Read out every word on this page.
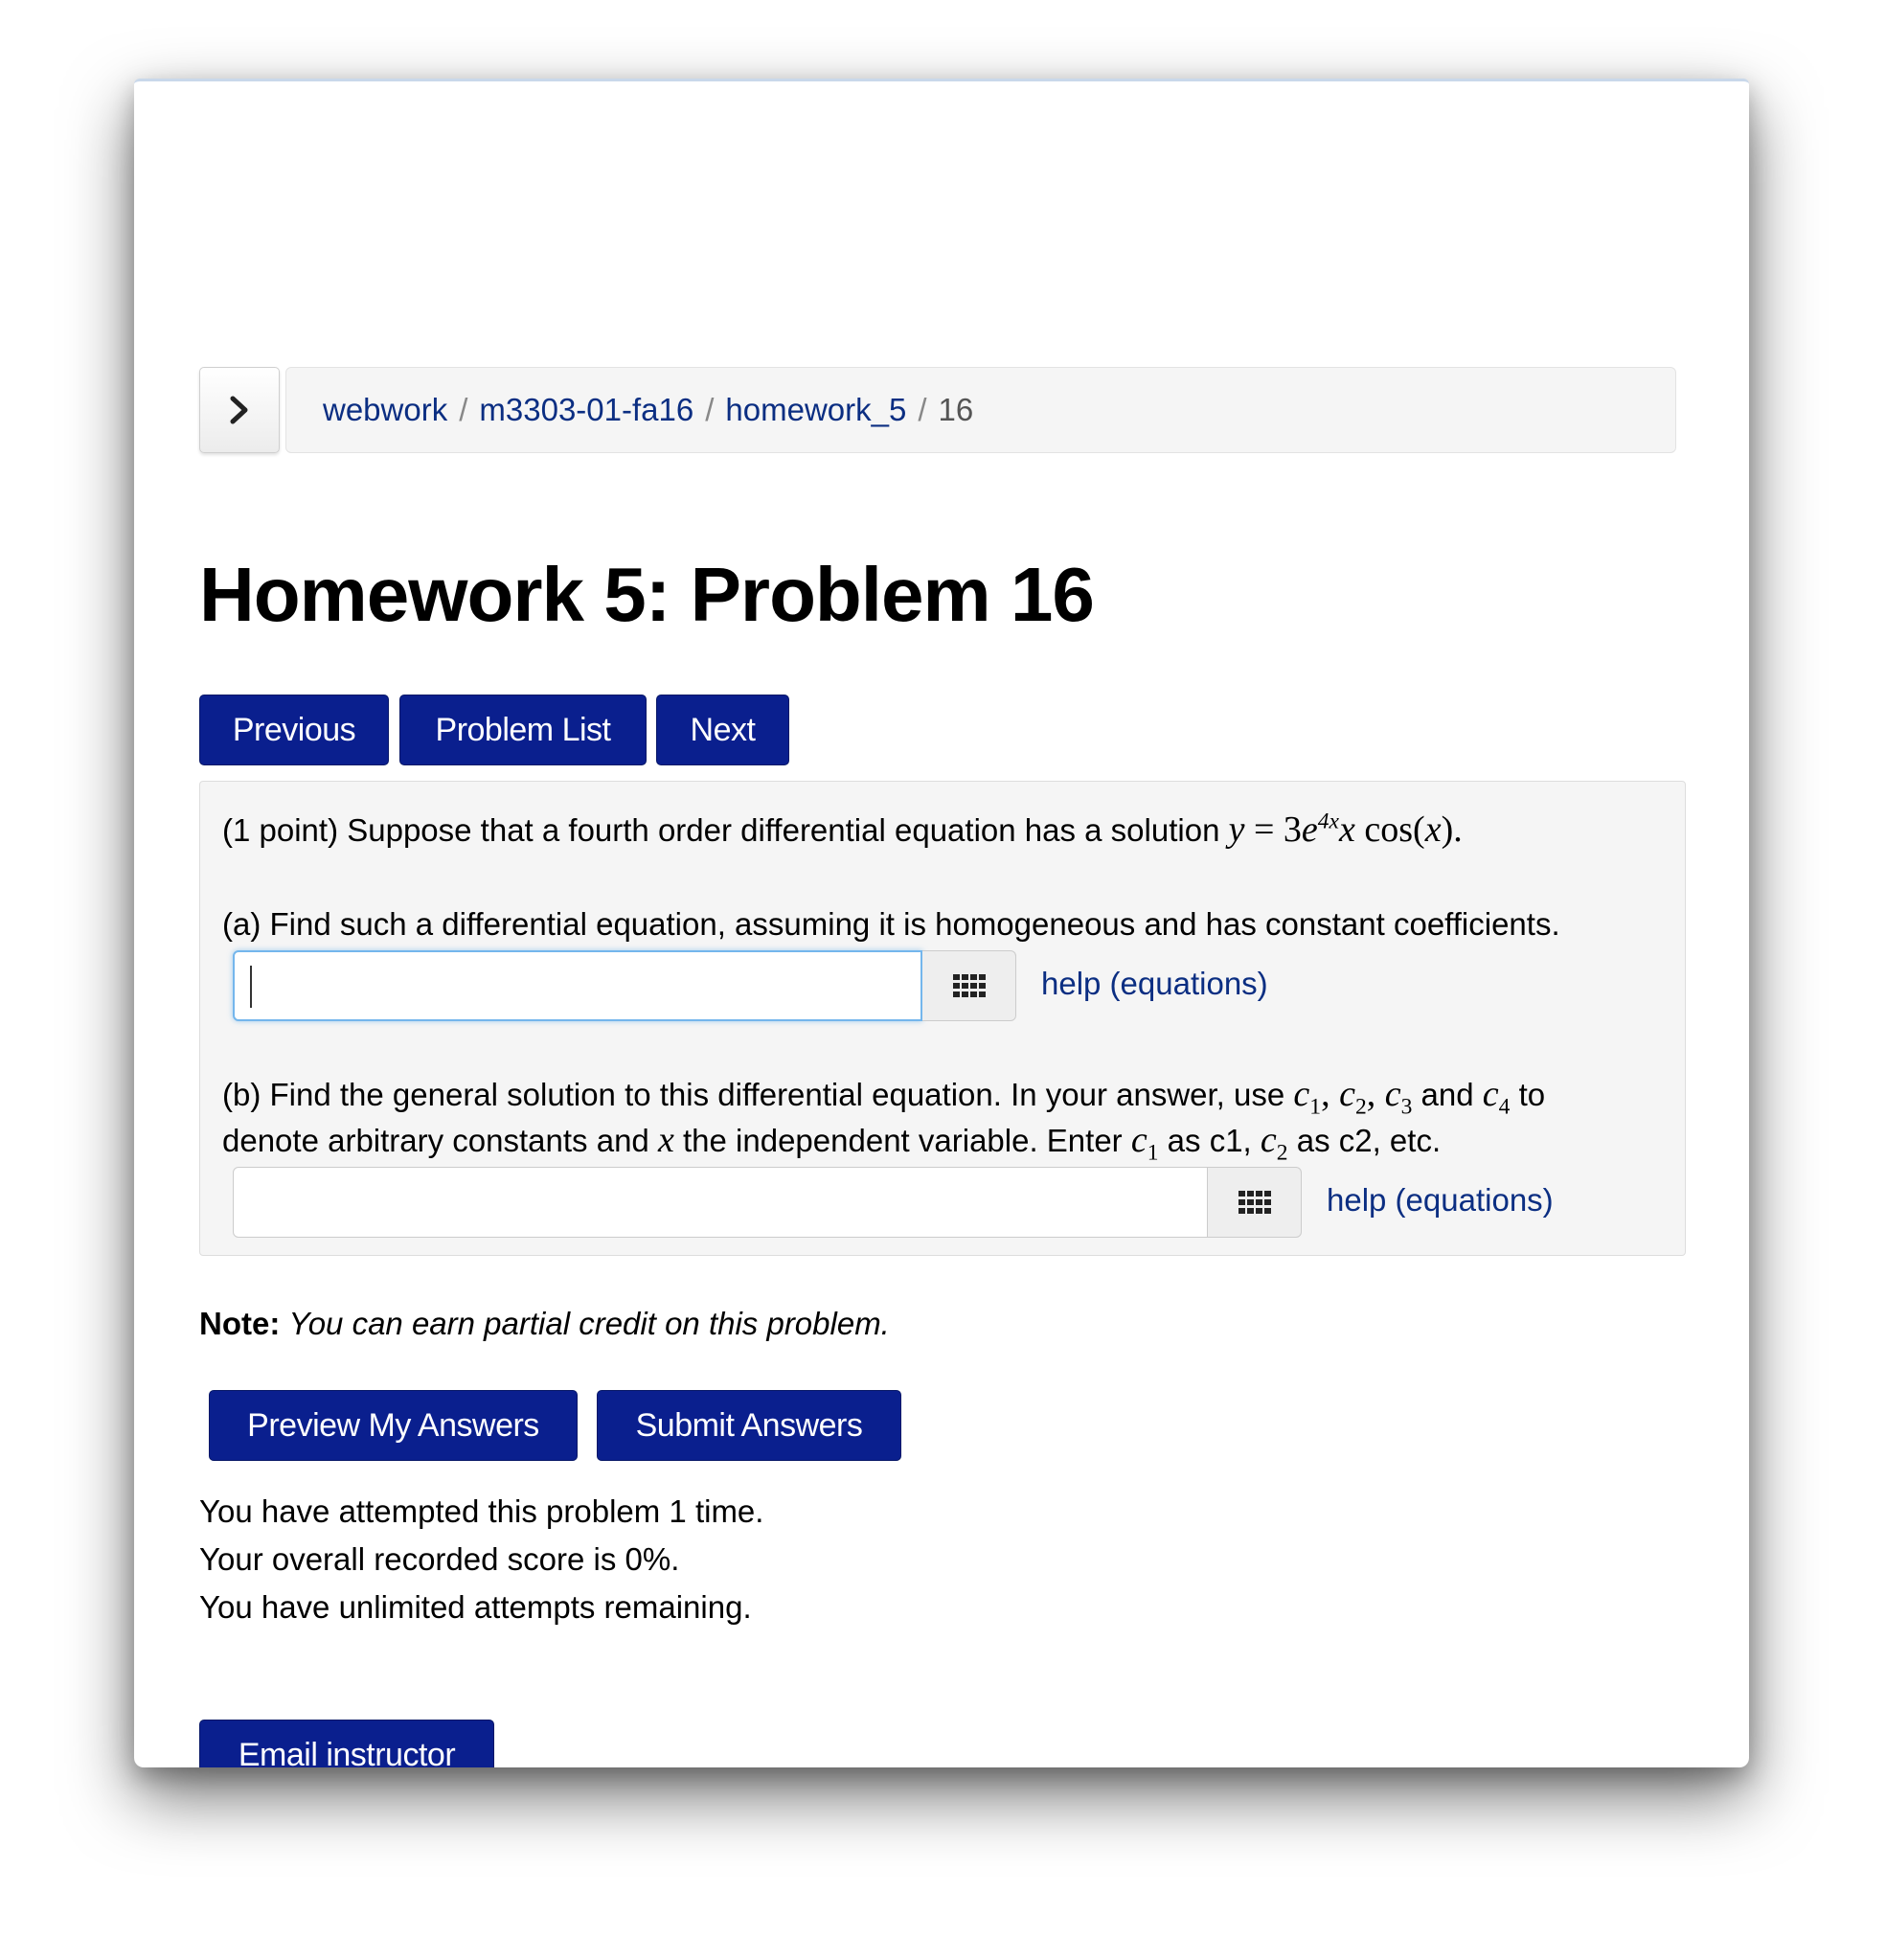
webwork / m3303-01-fa16 / homework_5 / 16
Homework 5: Problem 16
Previous	Problem List	Next
(1 point) Suppose that a fourth order differential equation has a solution $y = 3e^{4x}x$ cos(x).
(a) Find such a differential equation, assuming it is homogeneous and has constant coefficients.
help (equations)
(b) Find the general solution to this differential equation. In your answer, use $c_1$, $c_2$, $c_3$ and $c_4$ to
denote arbitrary constants and x the independent variable. Enter $c_1$ as c1, $c_2$ as c2, etc.
help (equations)
Note: You can earn partial credit on this problem.
Preview My Answers	Submit Answers
You have attempted this problem 1 time.
Your overall recorded score is 0%.
You have unlimited attempts remaining.
Email instructor
